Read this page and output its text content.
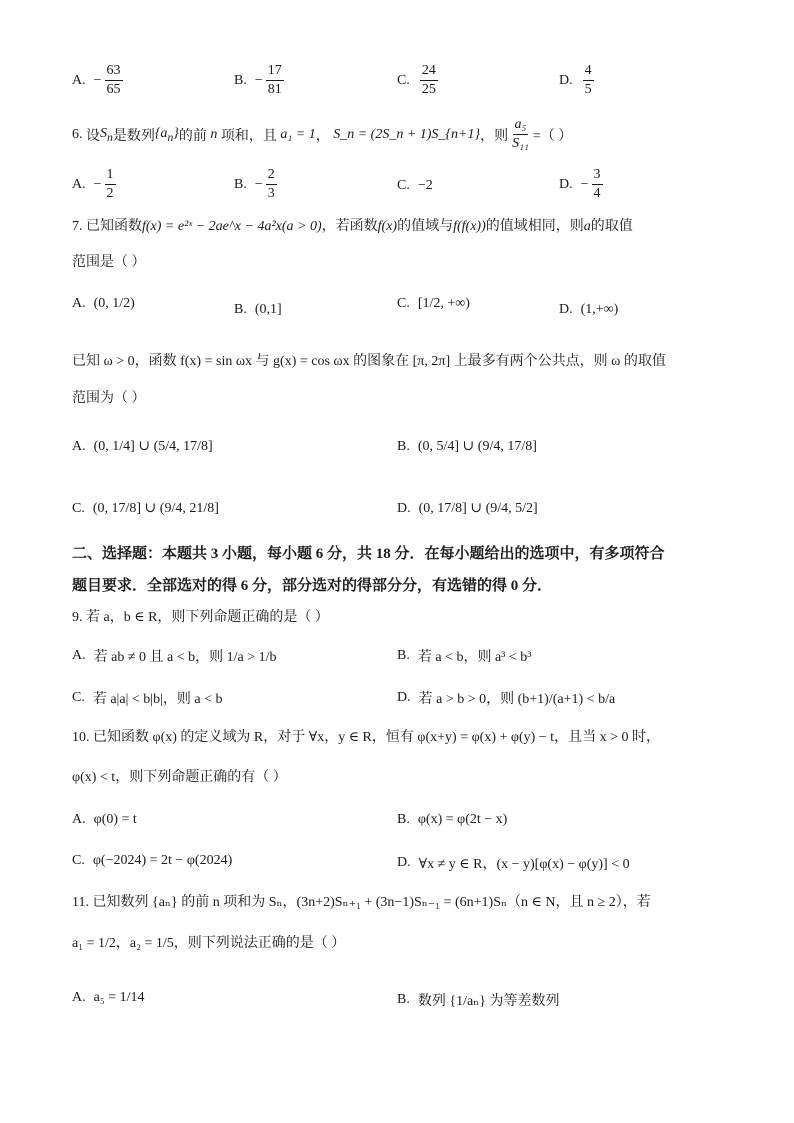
A. − $\frac{63}{65}$	B. − $\frac{17}{81}$	C. $\frac{24}{25}$	D. $\frac{4}{5}$
6.
设 $S_n$ 是数列 $\{a_n\}$ 的前
n
项和，且
a₁ = 1 ， S_n = (2S_n + 1)S_{n+1} ，则 $\frac{\text{a₅}}{\text{S₁₁}}$ =（ ）
A. − $\frac{1}{2}$	B. − $\frac{2}{3}$	C. −2	D. − $\frac{3}{4}$
7. 已知函数f(x) = e²ˣ − 2ae^x − 4a²x(a > 0)，若函数f(x)的值域与f(f(x))的值域相同，则a的取值
范围是（ ）
A. (0, 1/2)	B. (0,1]	C. [1/2, +∞)	D. (1,+∞)
已知 ω > 0，函数 f(x) = sin ωx 与 g(x) = cos ωx 的图象在 [π, 2π] 上最多有两个公共点，则 ω 的取值
范围为（ ）
A. (0, 1/4] ∪ (5/4, 17/8]	B. (0, 5/4] ∪ (9/4, 17/8]
C. (0, 17/8] ∪ (9/4, 21/8]	D. (0, 17/8] ∪ (9/4, 5/2]
二、选择题：本题共 3 小题，每小题 6 分，共 18 分．在每小题给出的选项中，有多项符合
题目要求．全部选对的得 6 分，部分选对的得部分分，有选错的得 0 分．
9. 若 a，b ∈ R，则下列命题正确的是（ ）
A. 若 ab ≠ 0 且 a < b，则 1/a > 1/b	B. 若 a < b，则 a³ < b³
C. 若 a|a| < b|b|，则 a < b	D. 若 a > b > 0，则 (b+1)/(a+1) < b/a
10. 已知函数 φ(x) 的定义域为 R，对于 ∀x，y ∈ R，恒有 φ(x+y) = φ(x) + φ(y) − t，且当 x > 0 时，
φ(x) < t，则下列命题正确的有（ ）
A. φ(0) = t	B. φ(x) = φ(2t − x)
C. φ(−2024) = 2t − φ(2024)	D. ∀x ≠ y ∈ R，(x − y)[φ(x) − φ(y)] < 0
11. 已知数列 {aₙ} 的前 n 项和为 Sₙ，(3n+2)Sₙ₊₁ + (3n−1)Sₙ₋₁ = (6n+1)Sₙ（n ∈ N，且 n ≥ 2），若
a₁ = 1/2，a₂ = 1/5，则下列说法正确的是（ ）
A. a₅ = 1/14	B. 数列 {1/aₙ} 为等差数列
